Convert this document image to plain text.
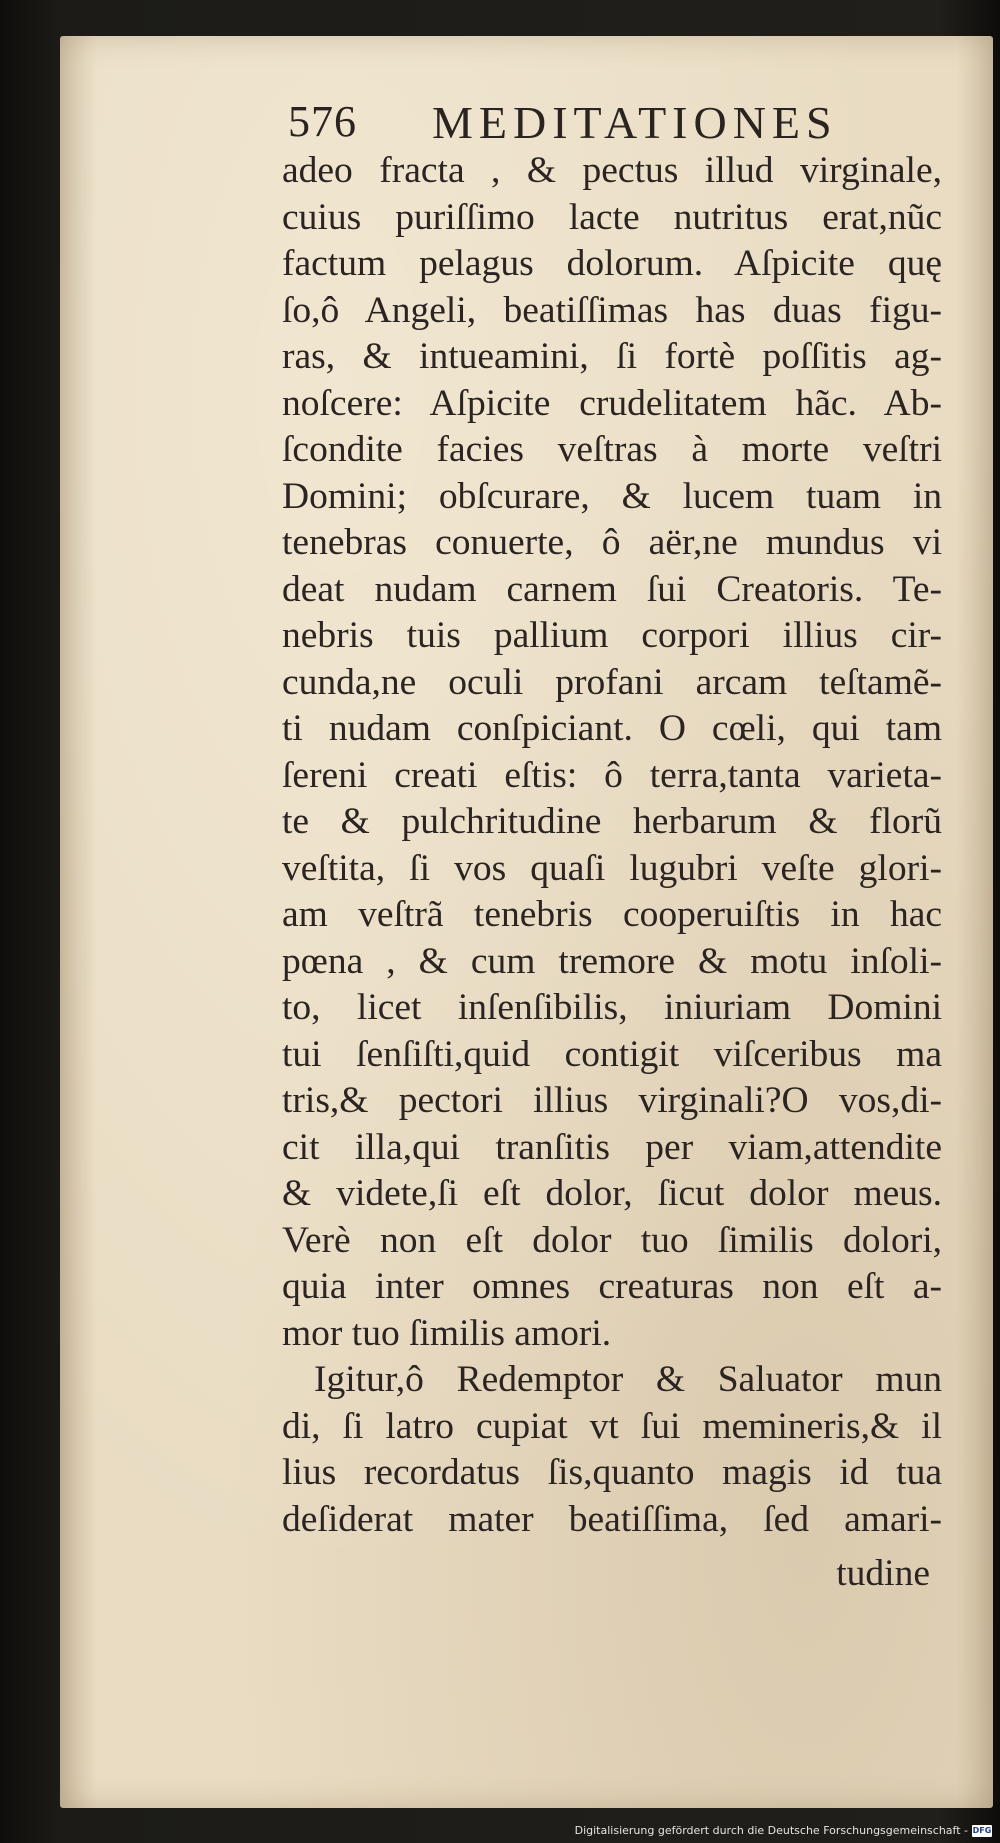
576 MEDITATIONES
adeo fracta , & pectus illud virginale,
cuius puriſſimo lacte nutritus erat,nũc
factum pelagus dolorum. Aſpicite quę
ſo,ô Angeli, beatiſſimas has duas figu-
ras, & intueamini, ſi fortè poſſitis ag-
noſcere: Aſpicite crudelitatem hãc. Ab-
ſcondite facies veſtras à morte veſtri
Domini; obſcurare, & lucem tuam in
tenebras conuerte, ô aër,ne mundus vi
deat nudam carnem ſui Creatoris. Te-
nebris tuis pallium corpori illius cir-
cunda,ne oculi profani arcam teſtamẽ-
ti nudam conſpiciant. O cœli, qui tam
ſereni creati eſtis: ô terra,tanta varieta-
te & pulchritudine herbarum & florũ
veſtita, ſi vos quaſi lugubri veſte glori-
am veſtrã tenebris cooperuiſtis in hac
pœna , & cum tremore & motu inſoli-
to, licet inſenſibilis, iniuriam Domini
tui ſenſiſti,quid contigit viſceribus ma
tris,& pectori illius virginali?O vos,di-
cit illa,qui tranſitis per viam,attendite
& videte,ſi eſt dolor, ſicut dolor meus.
Verè non eſt dolor tuo ſimilis dolori,
quia inter omnes creaturas non eſt a-
mor tuo ſimilis amori.
Igitur,ô Redemptor & Saluator mun
di, ſi latro cupiat vt ſui memineris,& il
lius recordatus ſis,quanto magis id tua
deſiderat mater beatiſſima, ſed amari-
tudine
Digitalisierung gefördert durch die Deutsche Forschungsgemeinschaft - DFG
